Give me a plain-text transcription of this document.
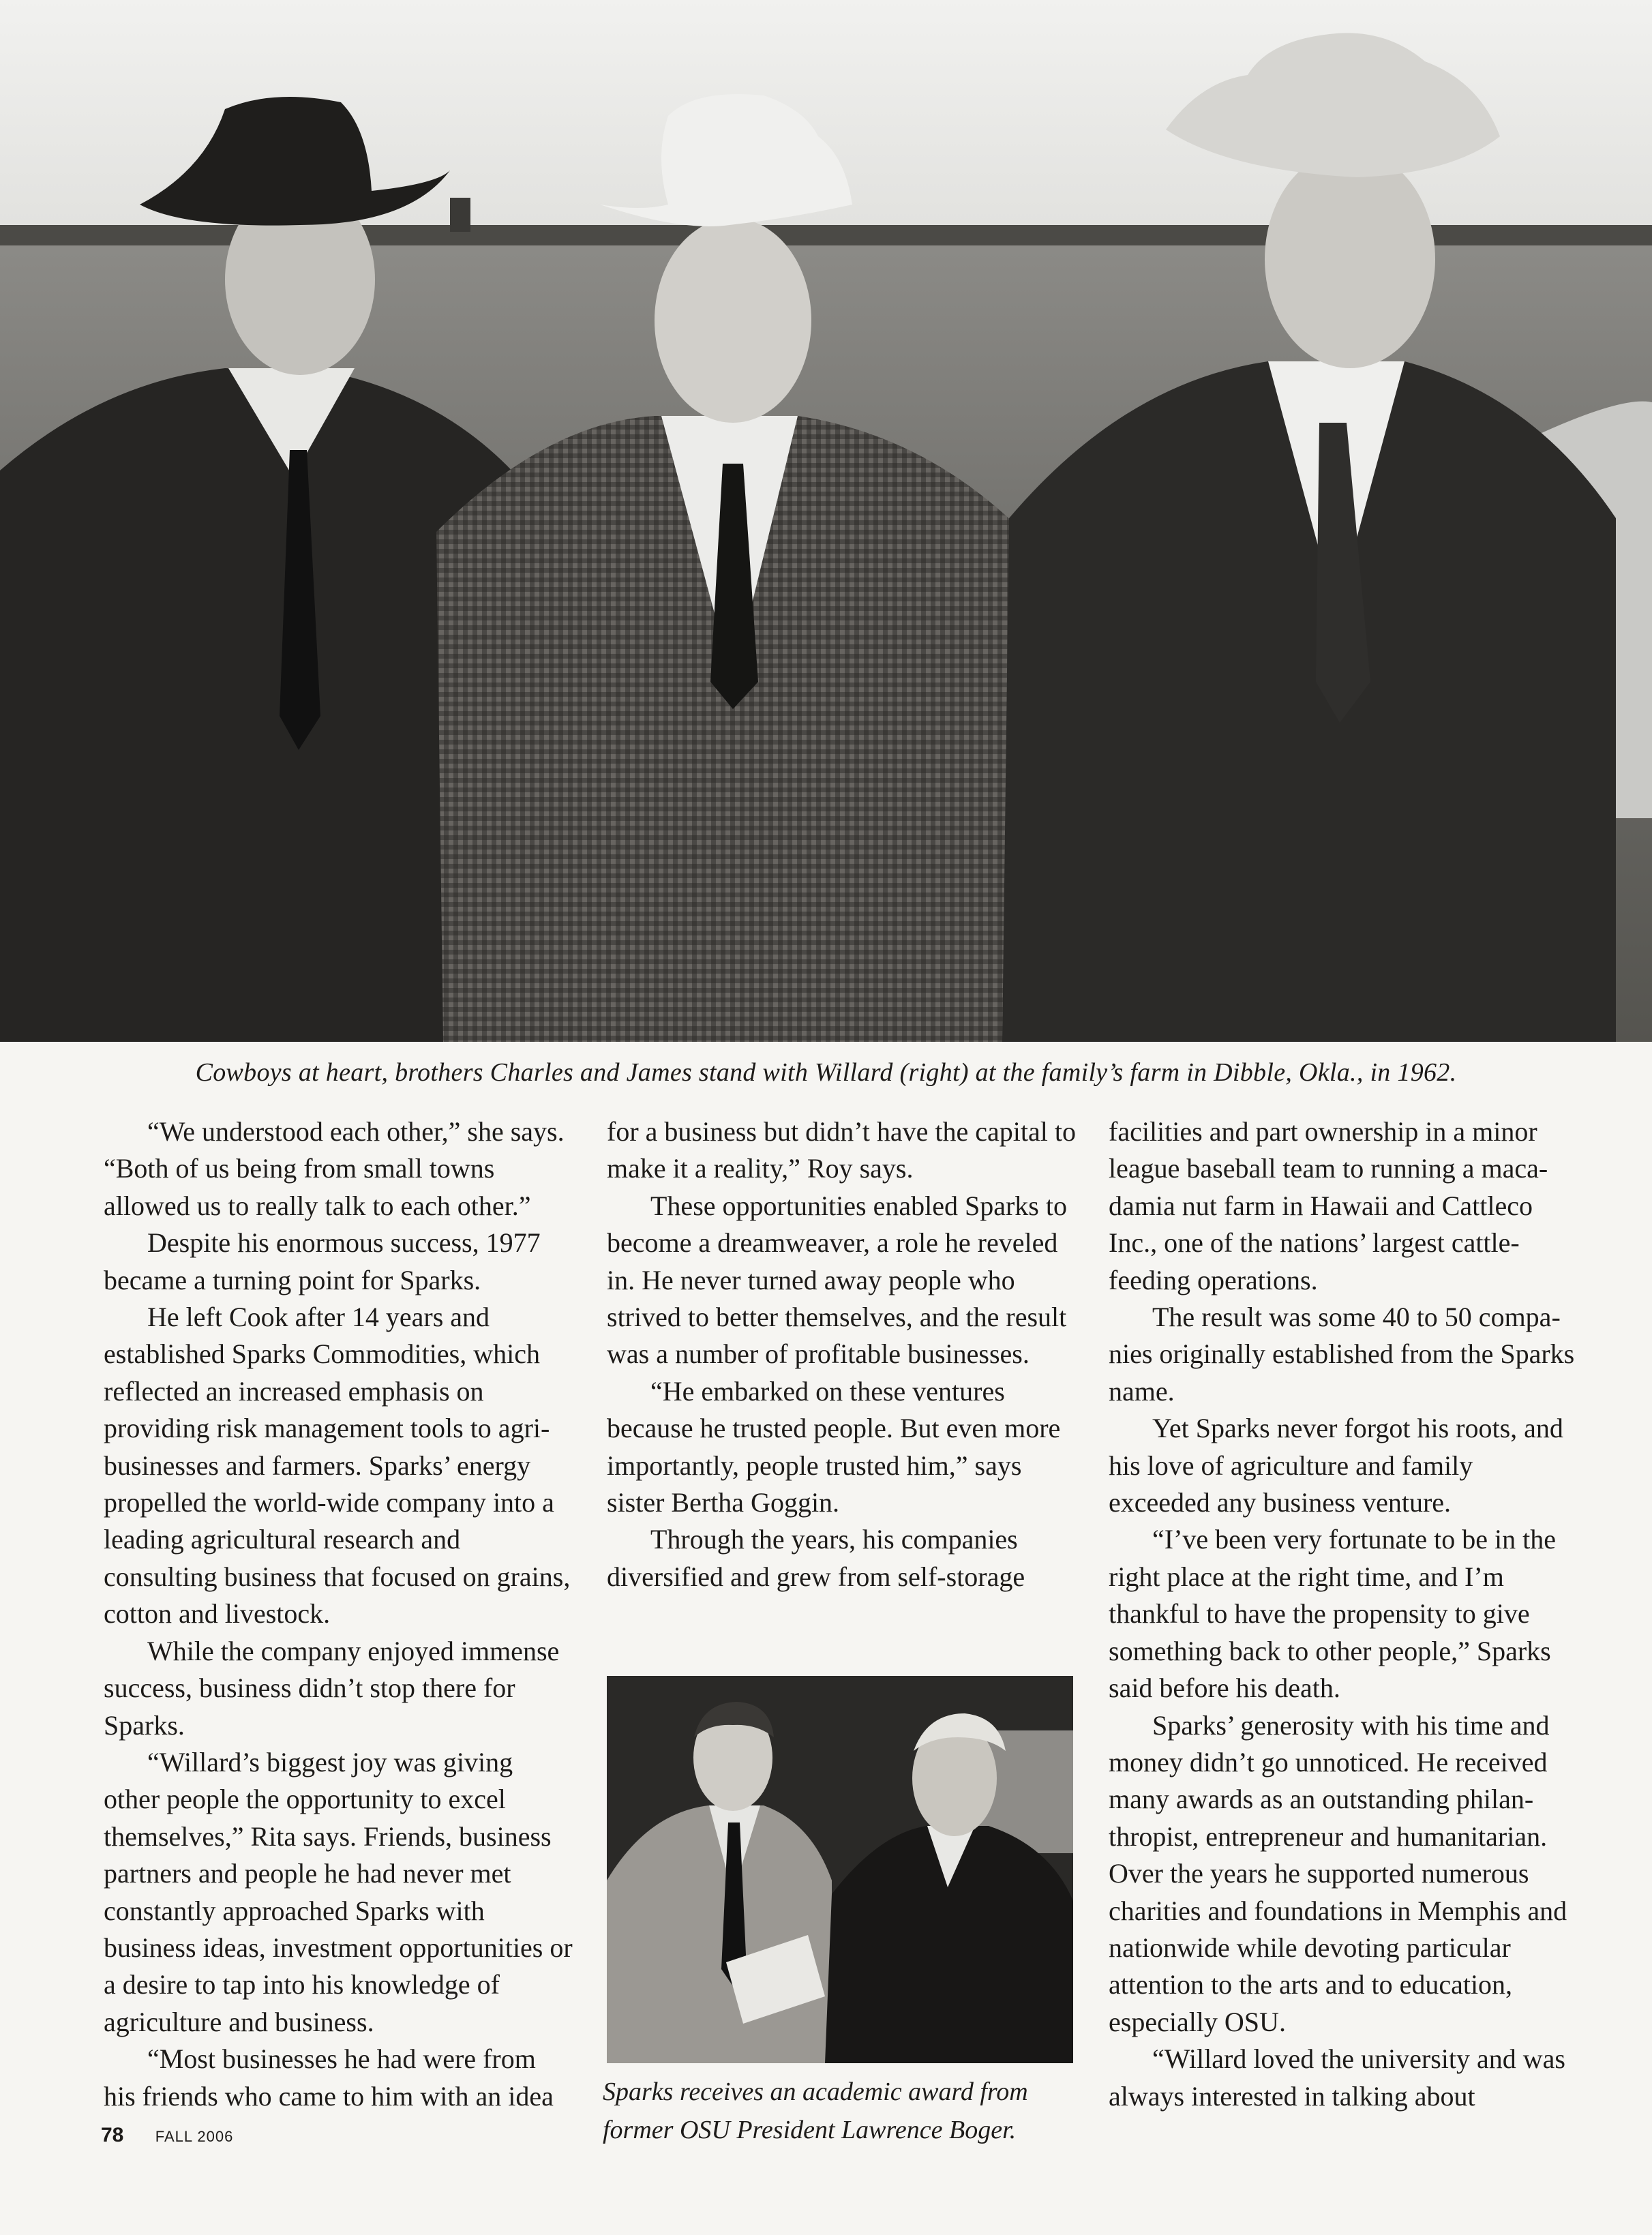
Cowboys at heart, brothers Charles and James stand with Willard (right) at the family’s farm in Dibble, Okla., in 1962.

“We understood each other,” she says. “Both of us being from small towns allowed us to really talk to each other.”

Despite his enormous success, 1977 became a turning point for Sparks.

He left Cook after 14 years and established Sparks Commodities, which reflected an increased emphasis on providing risk management tools to agribusinesses and farmers. Sparks’ energy propelled the world-wide company into a leading agricultural research and consulting business that focused on grains, cotton and livestock.

While the company enjoyed immense success, business didn’t stop there for Sparks.

“Willard’s biggest joy was giving other people the opportunity to excel themselves,” Rita says. Friends, business partners and people he had never met constantly approached Sparks with business ideas, investment opportunities or a desire to tap into his knowledge of agriculture and business.

“Most businesses he had were from his friends who came to him with an idea

for a business but didn’t have the capital to make it a reality,” Roy says.

These opportunities enabled Sparks to become a dreamweaver, a role he reveled in. He never turned away people who strived to better themselves, and the result was a number of profitable businesses.

“He embarked on these ventures because he trusted people. But even more importantly, people trusted him,” says sister Bertha Goggin.

Through the years, his companies diversified and grew from self-storage

Sparks receives an academic award from
former OSU President Lawrence Boger.

facilities and part ownership in a minor league baseball team to running a macadamia nut farm in Hawaii and Cattleco Inc., one of the nations’ largest cattle-feeding operations.

The result was some 40 to 50 companies originally established from the Sparks name.

Yet Sparks never forgot his roots, and his love of agriculture and family exceeded any business venture.

“I’ve been very fortunate to be in the right place at the right time, and I’m thankful to have the propensity to give something back to other people,” Sparks said before his death.

Sparks’ generosity with his time and money didn’t go unnoticed. He received many awards as an outstanding philanthropist, entrepreneur and humanitarian. Over the years he supported numerous charities and foundations in Memphis and nationwide while devoting particular attention to the arts and to education, especially OSU.

“Willard loved the university and was always interested in talking about

78 FALL 2006
